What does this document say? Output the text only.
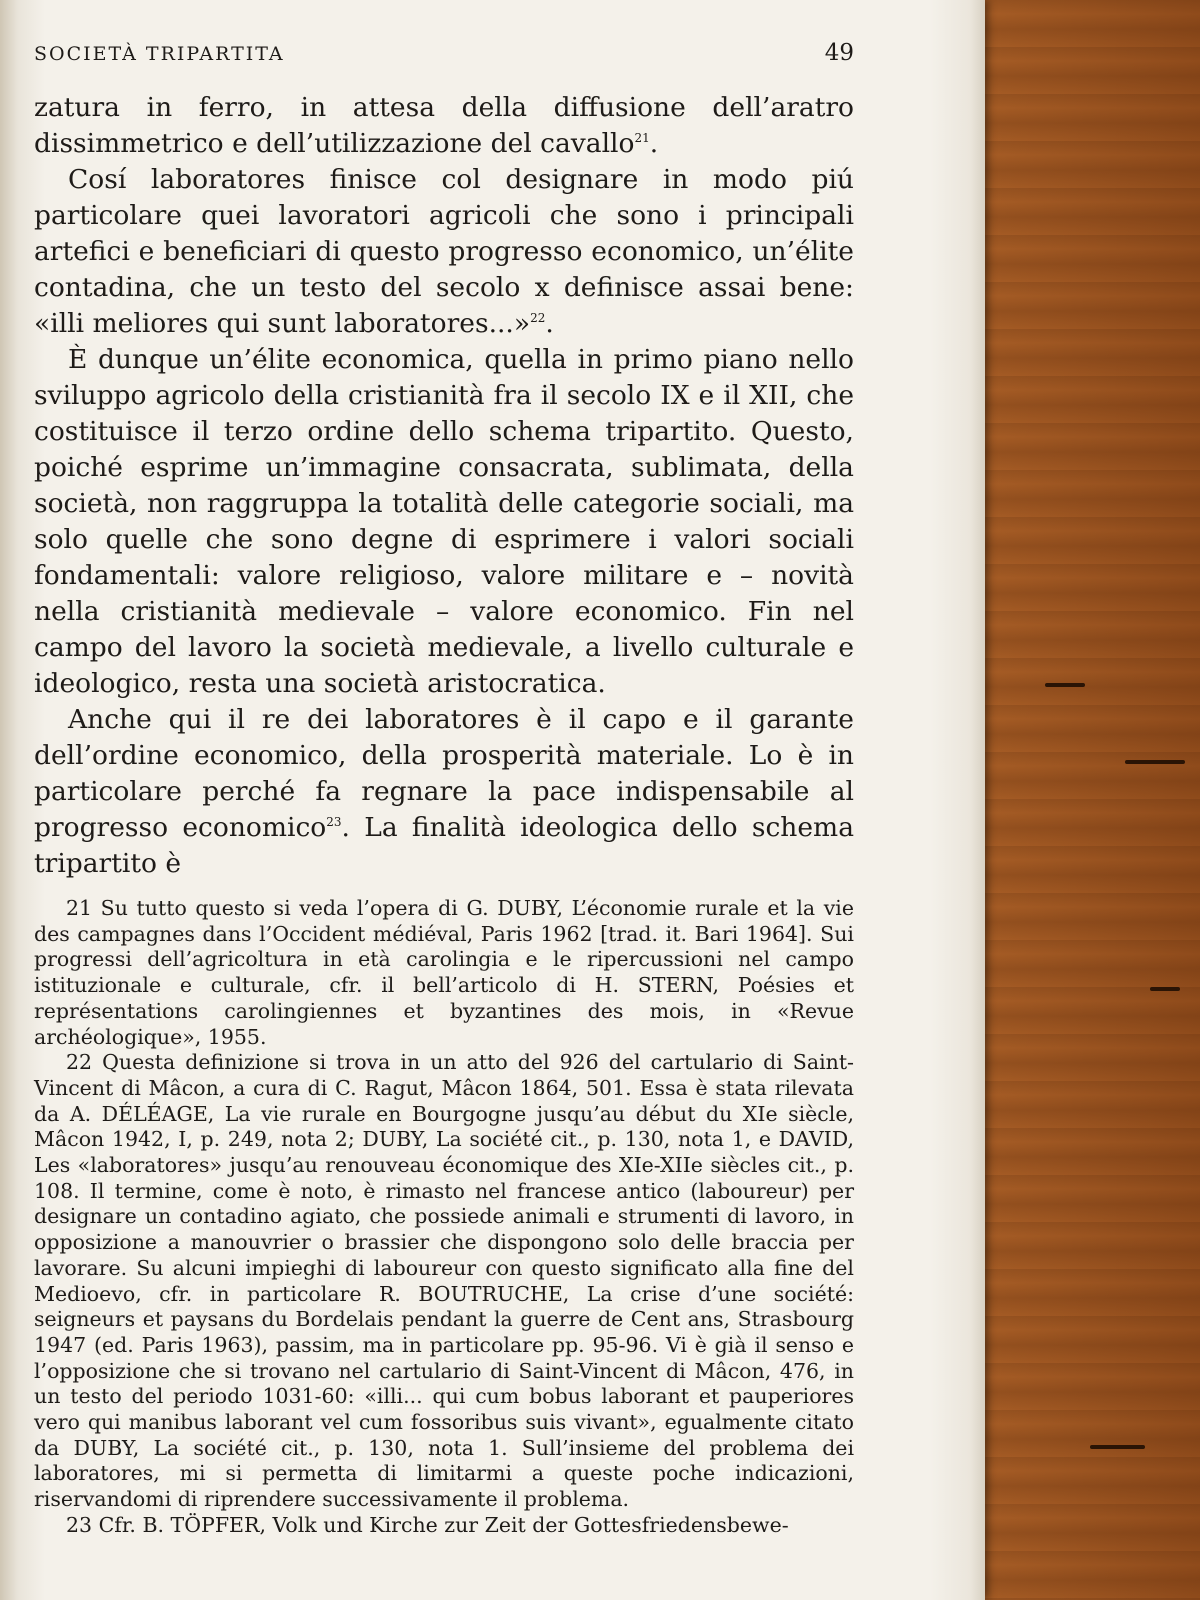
SOCIETÀ TRIPARTITA	49

zatura in ferro, in attesa della diffusione dell’aratro dissimmetrico e dell’utilizzazione del cavallo$^{21}$.

Cosí laboratores finisce col designare in modo piú particolare quei lavoratori agricoli che sono i principali artefici e beneficiari di questo progresso economico, un’élite contadina, che un testo del secolo x definisce assai bene: «illi meliores qui sunt laboratores...»$^{22}$.

È dunque un’élite economica, quella in primo piano nello sviluppo agricolo della cristianità fra il secolo IX e il XII, che costituisce il terzo ordine dello schema tripartito. Questo, poiché esprime un’immagine consacrata, sublimata, della società, non raggruppa la totalità delle categorie sociali, ma solo quelle che sono degne di esprimere i valori sociali fondamentali: valore religioso, valore militare e – novità nella cristianità medievale – valore economico. Fin nel campo del lavoro la società medievale, a livello culturale e ideologico, resta una società aristocratica.

Anche qui il re dei laboratores è il capo e il garante dell’ordine economico, della prosperità materiale. Lo è in particolare perché fa regnare la pace indispensabile al progresso economico$^{23}$. La finalità ideologica dello schema tripartito è

21 Su tutto questo si veda l’opera di G. DUBY, L’économie rurale et la vie des campagnes dans l’Occident médiéval, Paris 1962 [trad. it. Bari 1964]. Sui progressi dell’agricoltura in età carolingia e le ripercussioni nel campo istituzionale e culturale, cfr. il bell’articolo di H. STERN, Poésies et représentations carolingiennes et byzantines des mois, in «Revue archéologique», 1955.

22 Questa definizione si trova in un atto del 926 del cartulario di Saint-Vincent di Mâcon, a cura di C. Ragut, Mâcon 1864, 501. Essa è stata rilevata da A. DÉLÉAGE, La vie rurale en Bourgogne jusqu’au début du XIe siècle, Mâcon 1942, I, p. 249, nota 2; DUBY, La société cit., p. 130, nota 1, e DAVID, Les «laboratores» jusqu’au renouveau économique des XIe-XIIe siècles cit., p. 108. Il termine, come è noto, è rimasto nel francese antico (laboureur) per designare un contadino agiato, che possiede animali e strumenti di lavoro, in opposizione a manouvrier o brassier che dispongono solo delle braccia per lavorare. Su alcuni impieghi di laboureur con questo significato alla fine del Medioevo, cfr. in particolare R. BOUTRUCHE, La crise d’une société: seigneurs et paysans du Bordelais pendant la guerre de Cent ans, Strasbourg 1947 (ed. Paris 1963), passim, ma in particolare pp. 95-96. Vi è già il senso e l’opposizione che si trovano nel cartulario di Saint-Vincent di Mâcon, 476, in un testo del periodo 1031-60: «illi... qui cum bobus laborant et pauperiores vero qui manibus laborant vel cum fossoribus suis vivant», egualmente citato da DUBY, La société cit., p. 130, nota 1. Sull’insieme del problema dei laboratores, mi si permetta di limitarmi a queste poche indicazioni, riservandomi di riprendere successivamente il problema.

23 Cfr. B. TÖPFER, Volk und Kirche zur Zeit der Gottesfriedensbewe-
